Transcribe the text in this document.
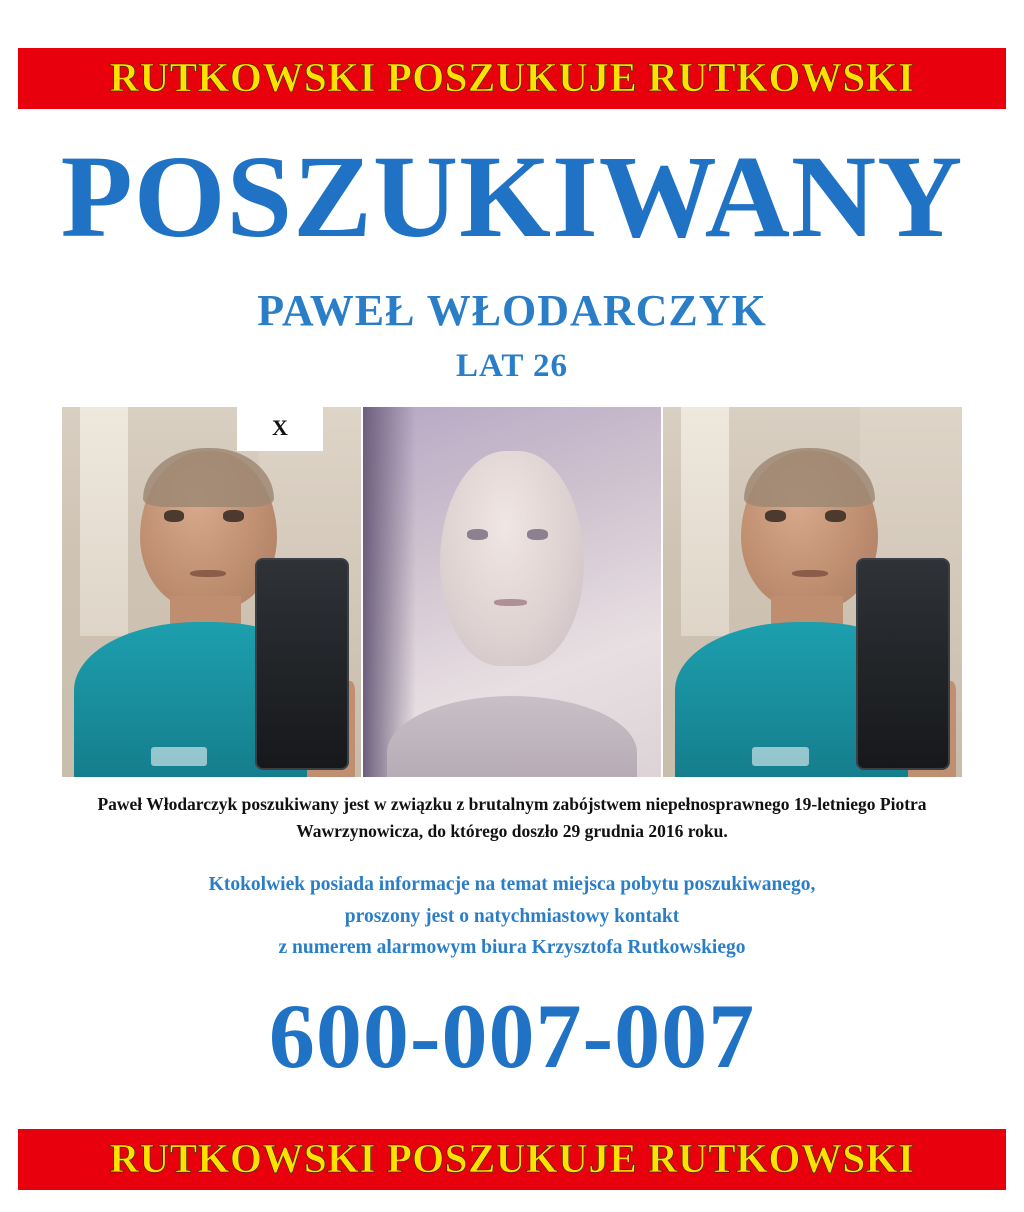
RUTKOWSKI POSZUKUJE RUTKOWSKI
POSZUKIWANY
PAWEŁ WŁODARCZYK
LAT 26
X
Paweł Włodarczyk poszukiwany jest w związku z brutalnym zabójstwem niepełnosprawnego 19-letniego Piotra
Wawrzynowicza, do którego doszło 29 grudnia 2016 roku.
Ktokolwiek posiada informacje na temat miejsca pobytu poszukiwanego,
proszony jest o natychmiastowy kontakt
z numerem alarmowym biura Krzysztofa Rutkowskiego
600-007-007
RUTKOWSKI POSZUKUJE RUTKOWSKI
